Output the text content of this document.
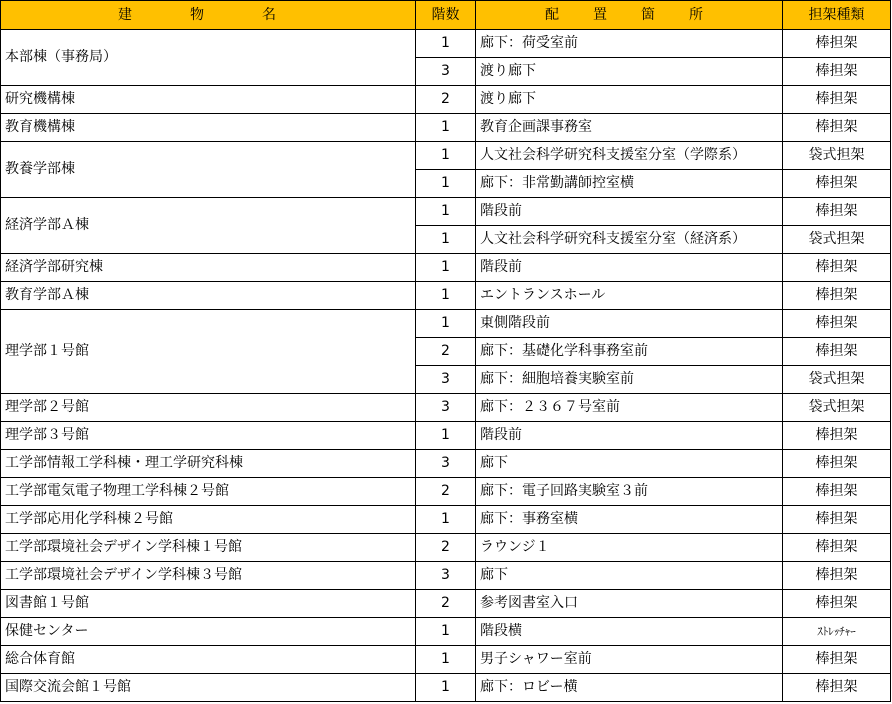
建　物　名	階数	配　置　箇　所	担架種類
本部棟（事務局）	1	廊下：荷受室前	棒担架
	3	渡り廊下	棒担架
研究機構棟	2	渡り廊下	棒担架
教育機構棟	1	教育企画課事務室	棒担架
教養学部棟	1	人文社会科学研究科支援室分室（学際系）	袋式担架
	1	廊下：非常勤講師控室横	棒担架
経済学部Ａ棟	1	階段前	棒担架
	1	人文社会科学研究科支援室分室（経済系）	袋式担架
経済学部研究棟	1	階段前	棒担架
教育学部Ａ棟	1	エントランスホール	棒担架
理学部１号館	1	東側階段前	棒担架
	2	廊下：基礎化学科事務室前	棒担架
	3	廊下：細胞培養実験室前	袋式担架
理学部２号館	3	廊下：２３６７号室前	袋式担架
理学部３号館	1	階段前	棒担架
工学部情報工学科棟・理工学研究科棟	3	廊下	棒担架
工学部電気電子物理工学科棟２号館	2	廊下：電子回路実験室３前	棒担架
工学部応用化学科棟２号館	1	廊下：事務室横	棒担架
工学部環境社会デザイン学科棟１号館	2	ラウンジ１	棒担架
工学部環境社会デザイン学科棟３号館	3	廊下	棒担架
図書館１号館	2	参考図書室入口	棒担架
保健センター	1	階段横	ｽﾄﾚｯﾁｬｰ
総合体育館	1	男子シャワー室前	棒担架
国際交流会館１号館	1	廊下：ロビー横	棒担架
